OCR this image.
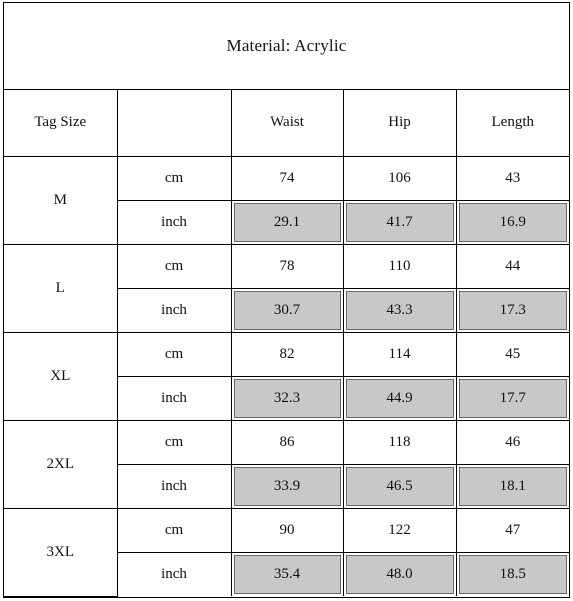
Material: Acrylic
Tag Size		Waist	Hip	Length
M	cm	74	106	43
	inch	29.1	41.7	16.9
L	cm	78	110	44
	inch	30.7	43.3	17.3
XL	cm	82	114	45
	inch	32.3	44.9	17.7
2XL	cm	86	118	46
	inch	33.9	46.5	18.1
3XL	cm	90	122	47
	inch	35.4	48.0	18.5
